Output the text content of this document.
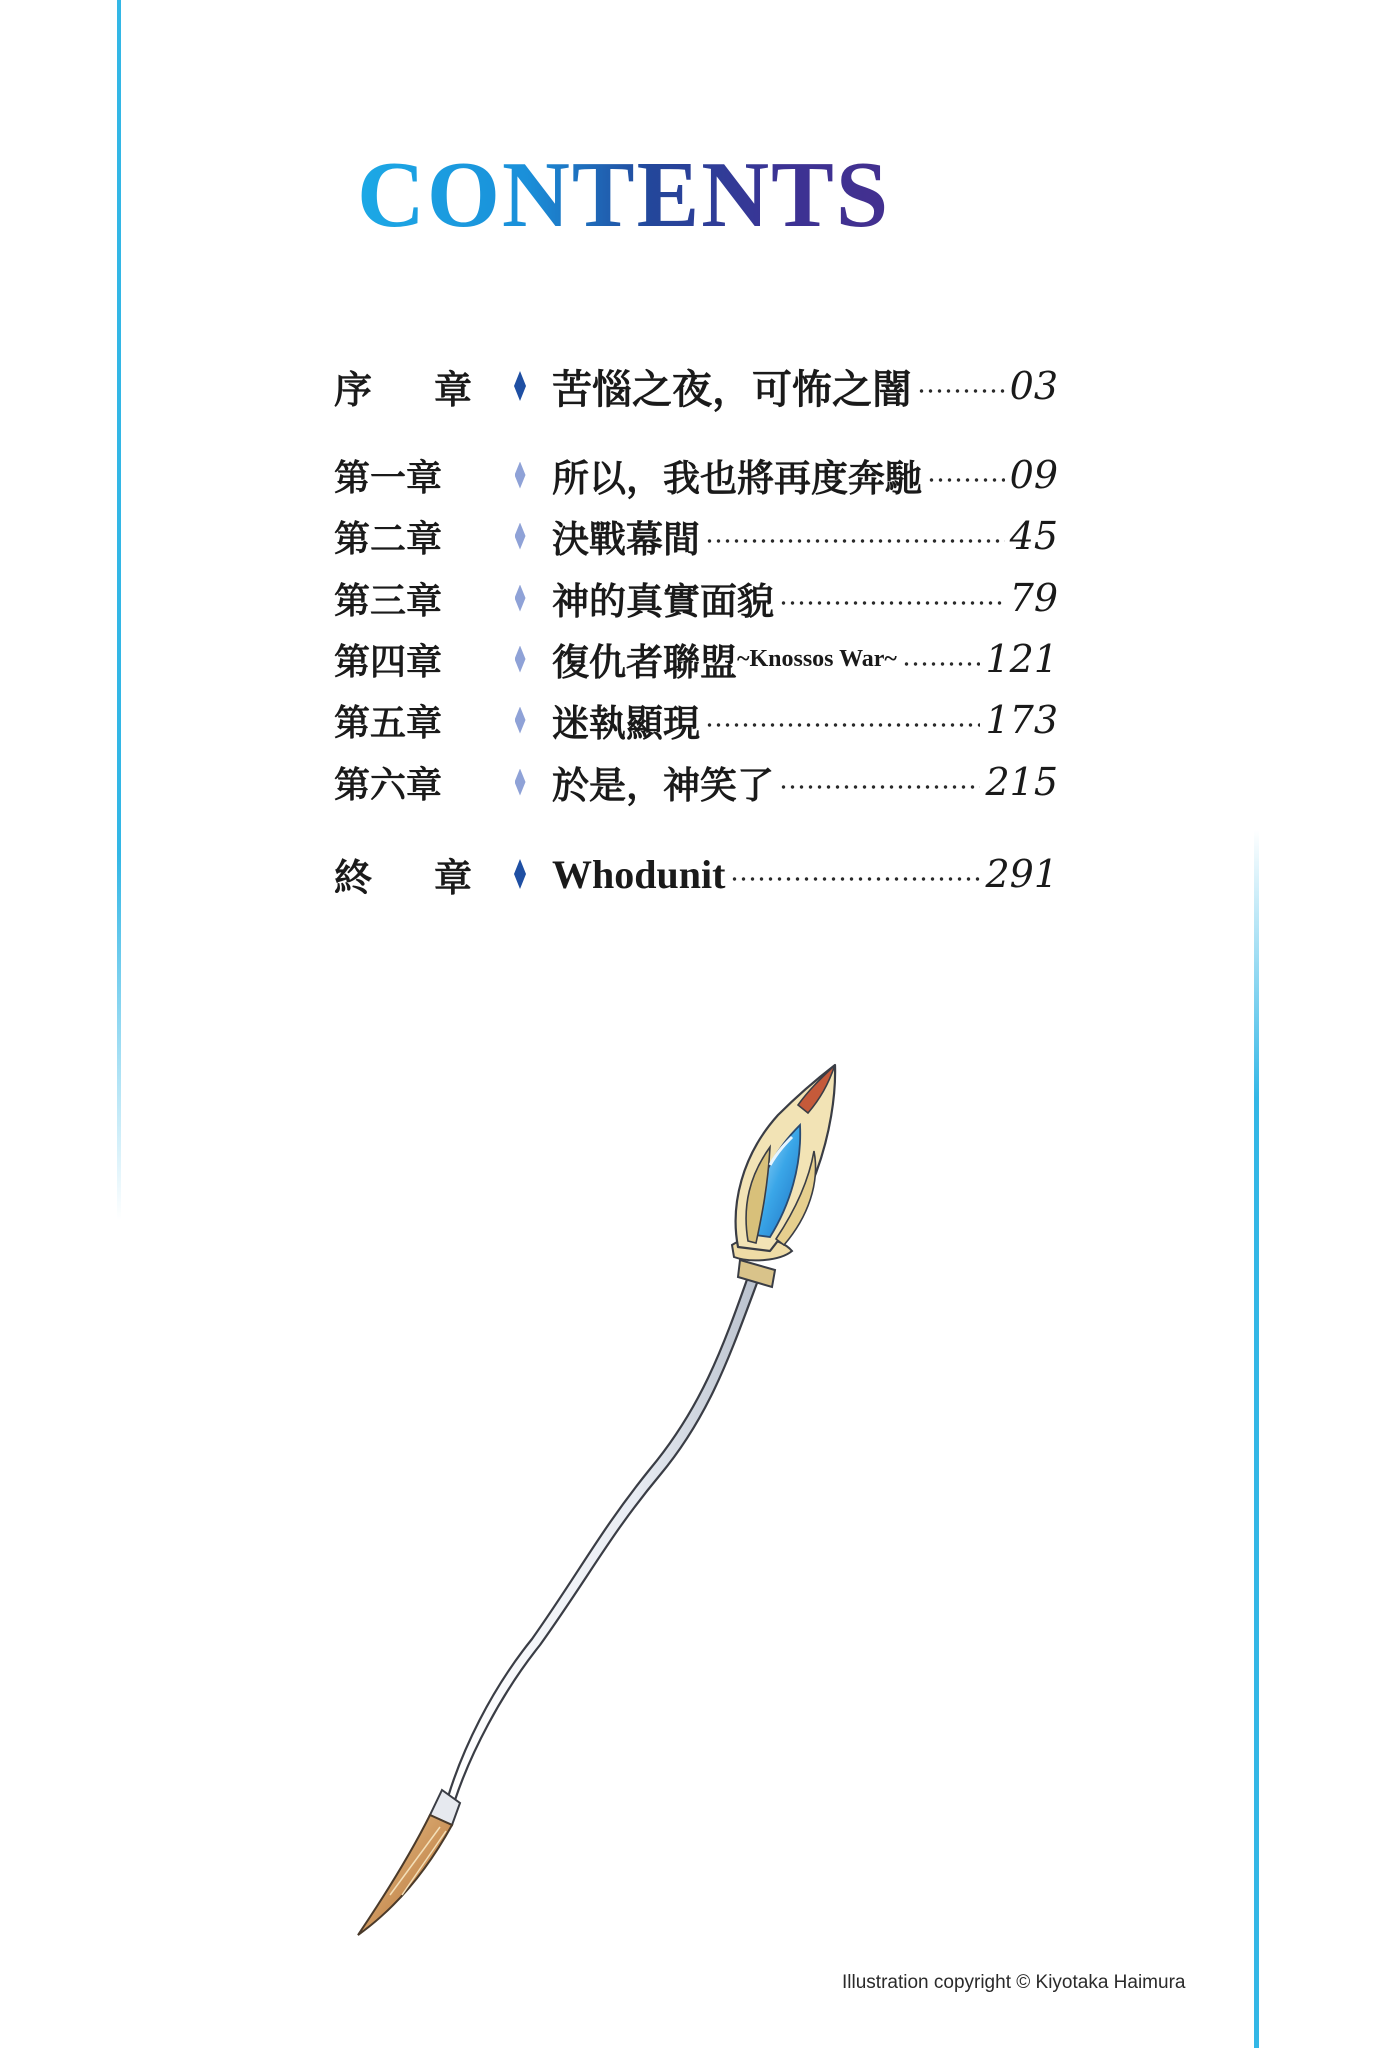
CONTENTS
序 章 苦惱之夜，可怖之闇	03
第一章	所以，我也將再度奔馳 09
第二章	決戰幕間	45
第三章	神的真實面貌	79
第四章	復仇者聯盟 ~Knossos War~ 121
第五章	迷執顯現	173
第六章	於是，神笑了	215
終 章 Whodunit	291
Illustration copyright © Kiyotaka Haimura
